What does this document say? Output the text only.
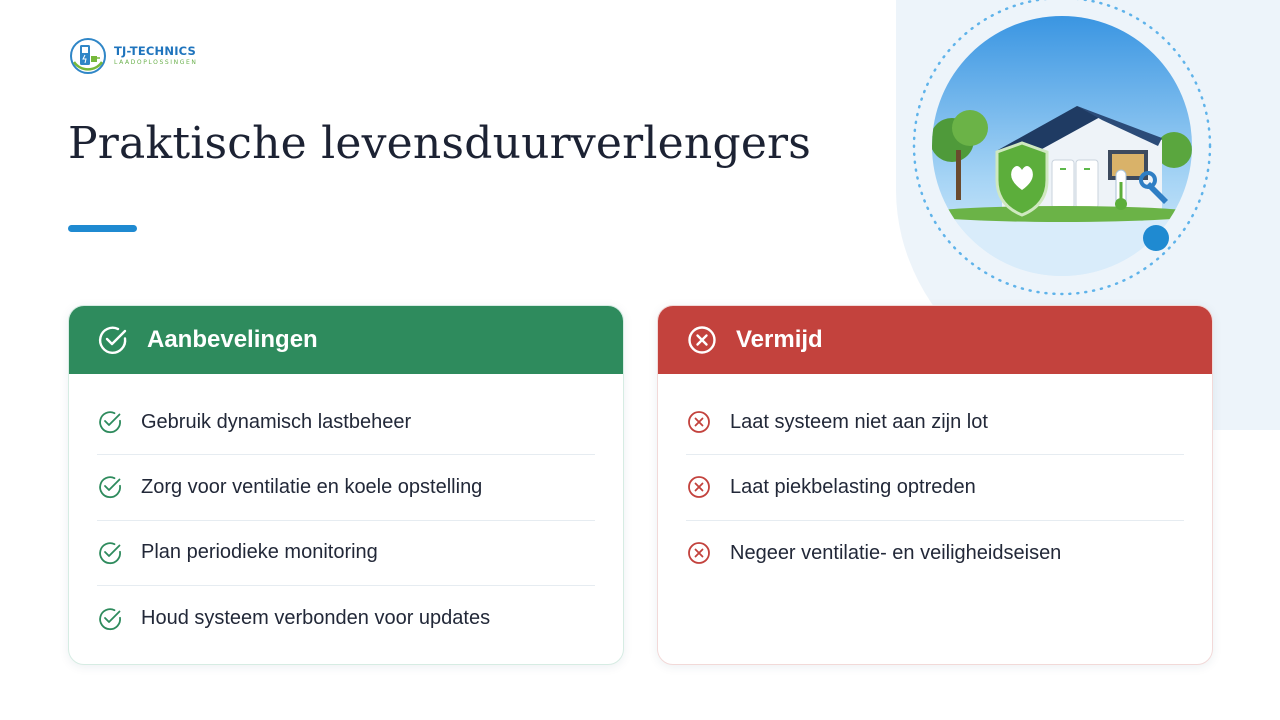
TJ-TECHNICS
LAADOPLOSSINGEN
Praktische levensduurverlengers
Aanbevelingen
Gebruik dynamisch lastbeheer
Zorg voor ventilatie en koele opstelling
Plan periodieke monitoring
Houd systeem verbonden voor updates
Vermijd
Laat systeem niet aan zijn lot
Laat piekbelasting optreden
Negeer ventilatie- en veiligheidseisen
